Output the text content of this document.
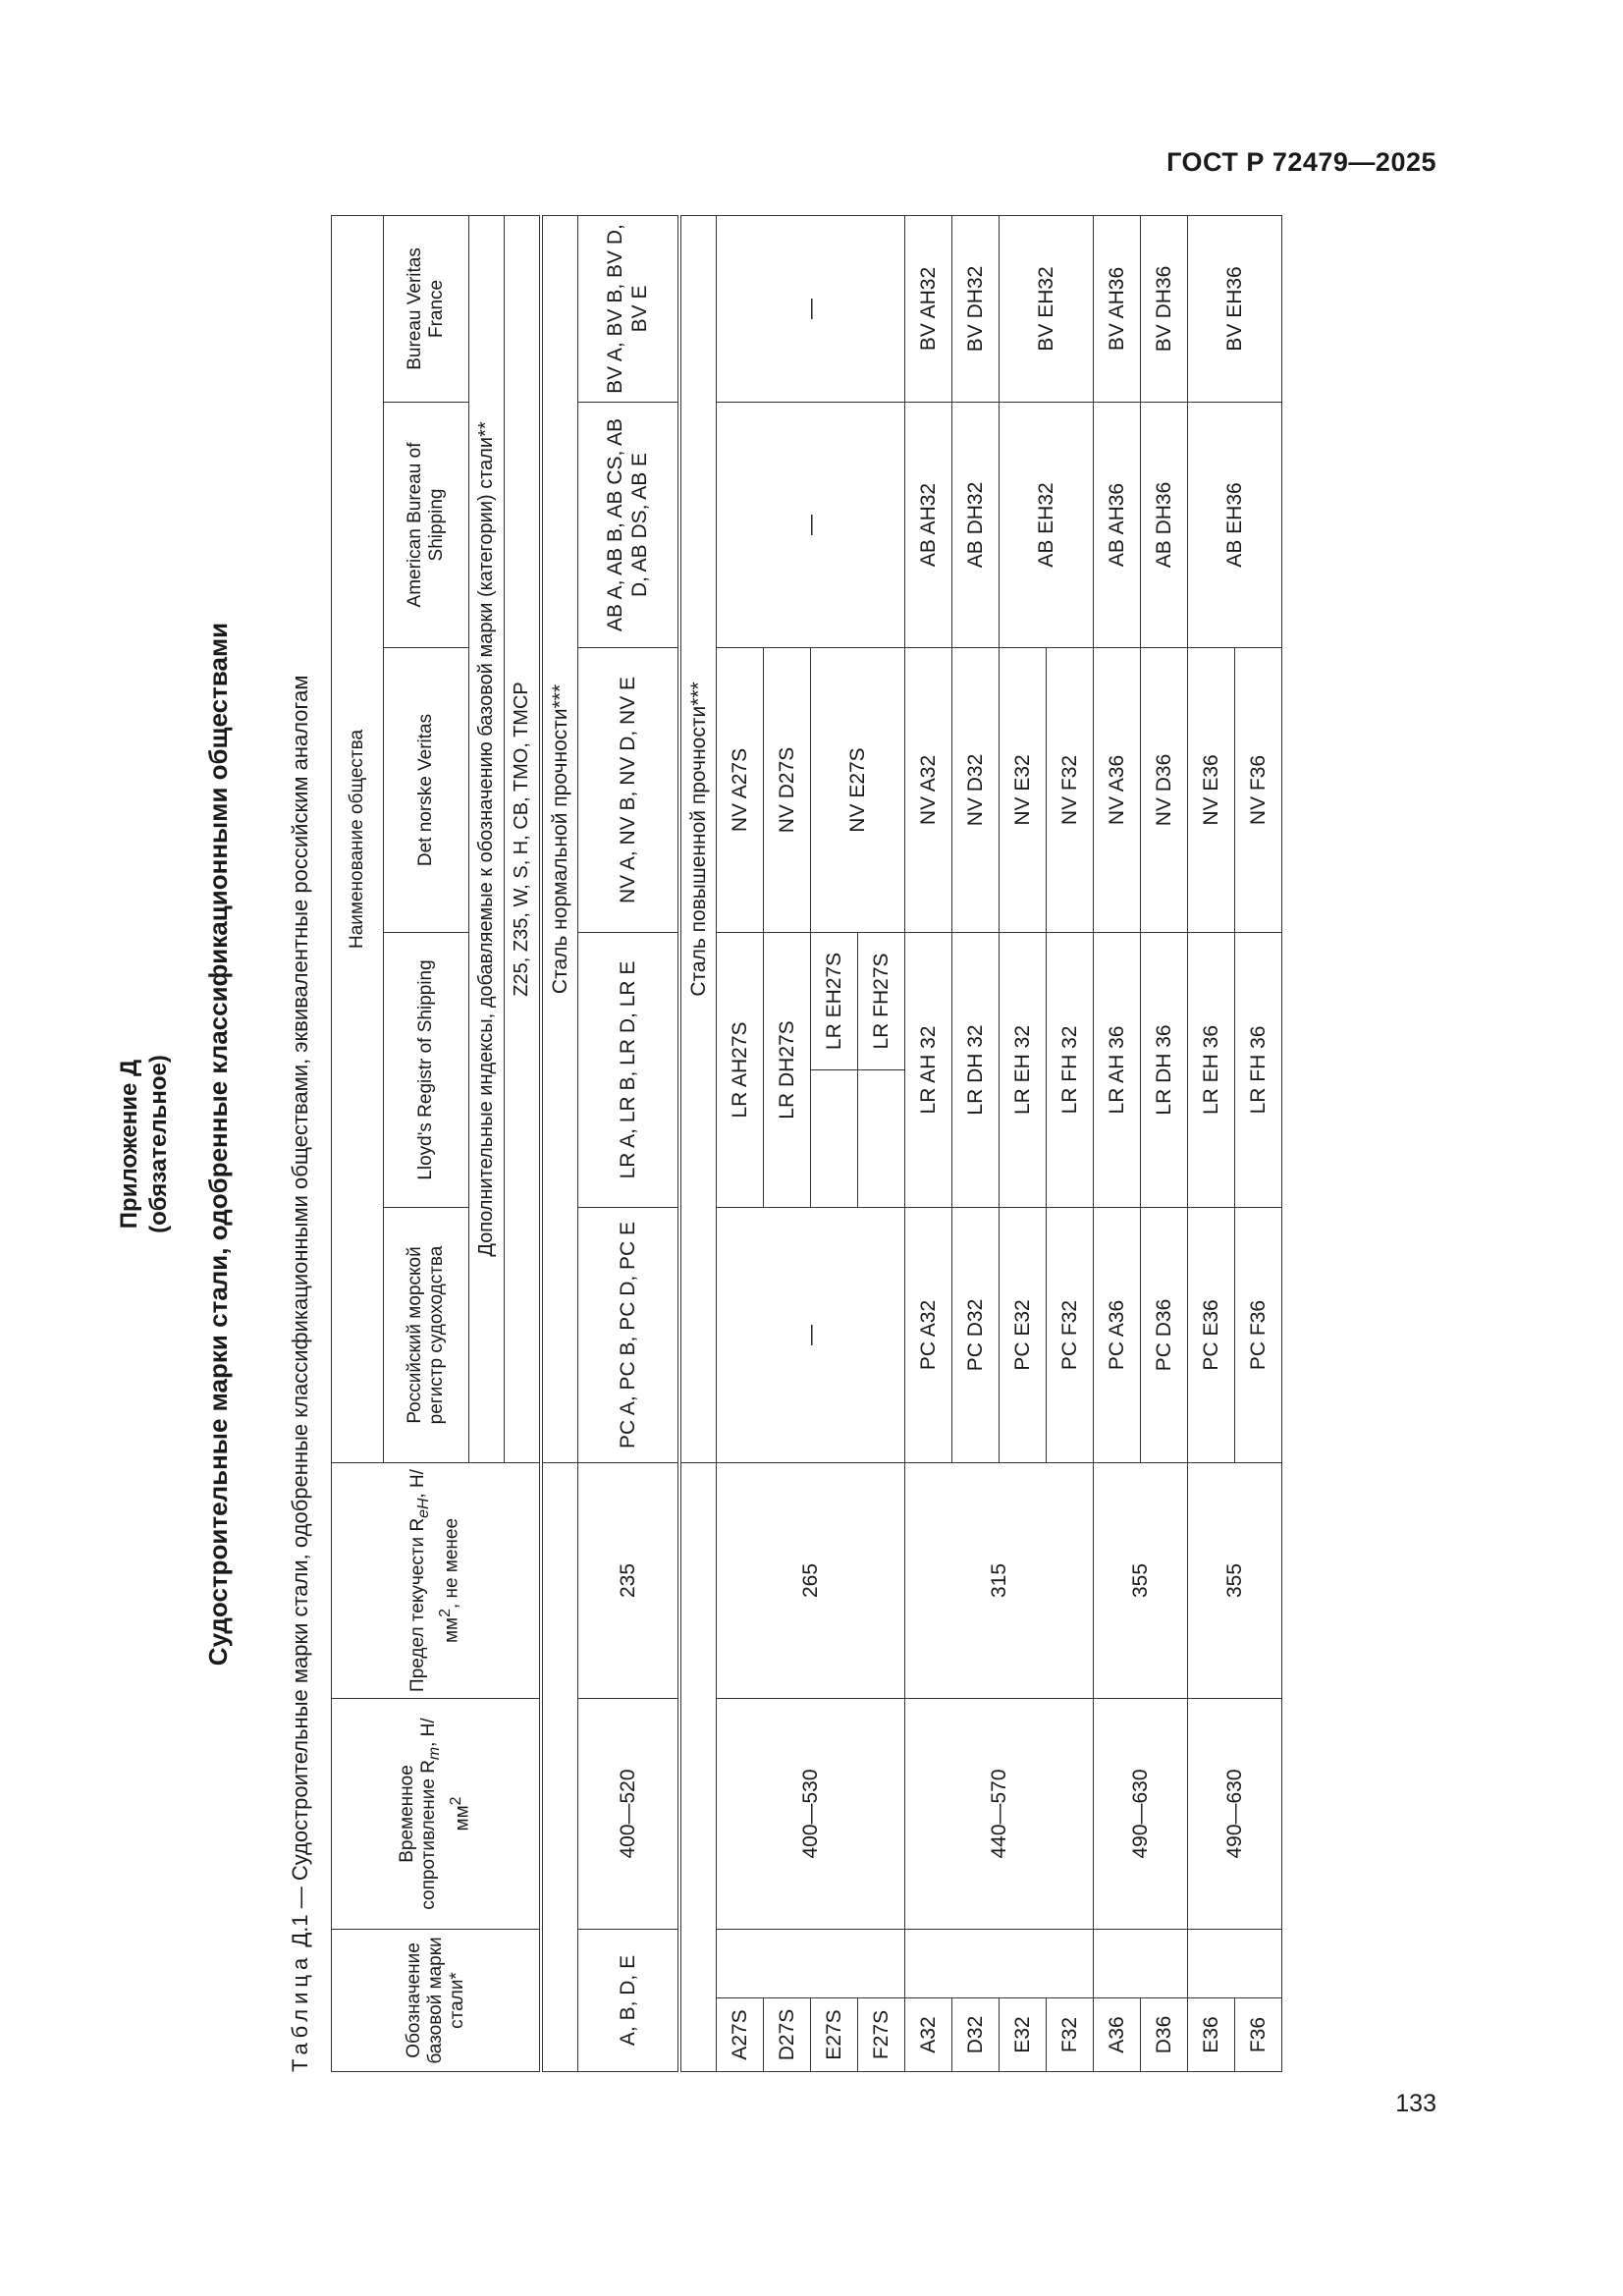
ГОСТ Р 72479—2025
133
Приложение Д (обязательное) Судостроительные марки стали, одобренные классификационными обществами
Таблица Д.1 — Судостроительные марки стали, одобренные классификационными обществами, эквивалентные российским аналогам
Обозначение базовой марки стали*		Временное сопротивление $R_m$, $Н/мм^2$	Предел текучести $R_{eH}$, $Н/мм^2$, не менее	Наименование общества					
				Российский морской регистр судоходства	Lloyd's Registr of Shipping		Det norske Veritas	American Bureau of Shipping	Bureau Veritas France
				Дополнительные индексы, добавляемые к обозначению базовой марки (категории) стали**					
				Z25, Z35, W, S, H, CB, TMO, TMCP					
				Сталь нормальной прочности***					
A, B, D, E		400—520	235	PC A, PC B, PC D, PC E	LR A, LR B, LR D, LR E		NV A, NV B, NV D, NV E	AB A, AB B, AB CS, AB D, AB DS, AB E	BV A, BV B, BV D, BV E
				Сталь повышенной прочности***					
A27S		400—530	265	—	LR AH27S		NV A27S	—	—
D27S					LR DH27S		NV D27S		
E27S						LR EH27S	NV E27S		
F27S						LR FH27S			
A32		440—570	315	PC A32	LR AH 32		NV A32	AB AH32	BV AH32
D32				PC D32	LR DH 32		NV D32	AB DH32	BV DH32
E32				PC E32	LR EH 32		NV E32	AB EH32	BV EH32
F32				PC F32	LR FH 32		NV F32		
A36		490—630	355	PC A36	LR AH 36		NV A36	AB AH36	BV AH36
D36				PC D36	LR DH 36		NV D36	AB DH36	BV DH36
E36		490—630	355	PC E36	LR EH 36		NV E36	AB EH36	BV EH36
F36				PC F36	LR FH 36		NV F36		
